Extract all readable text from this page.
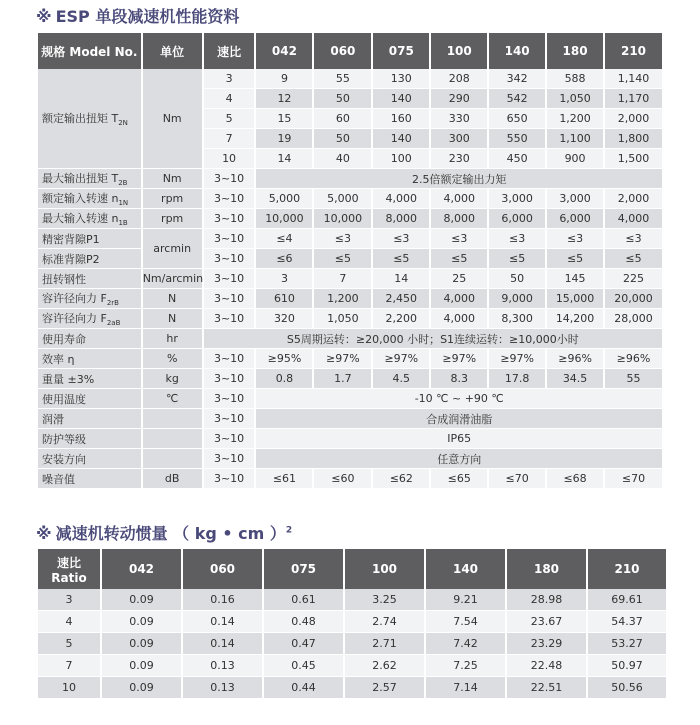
※ ESP 单段减速机性能资料
规格 Model No.	单位	速比	042	060	075	100	140	180	210
额定输出扭矩 $T_{2N}$	Nm	3	9	55	130	208	342	588	1,140
		4	12	50	140	290	542	1,050	1,170
		5	15	60	160	330	650	1,200	2,000
		7	19	50	140	300	550	1,100	1,800
		10	14	40	100	230	450	900	1,500
最大输出扭矩 $T_{2B}$	Nm	3~10	2.5倍额定输出力矩						
额定输入转速 $n_{1N}$	rpm	3~10	5,000	5,000	4,000	4,000	3,000	3,000	2,000
最大输入转速 $n_{1B}$	rpm	3~10	10,000	10,000	8,000	8,000	6,000	6,000	4,000
精密背隙P1	arcmin	3~10	≤4	≤3	≤3	≤3	≤3	≤3	≤3
标准背隙P2		3~10	≤6	≤5	≤5	≤5	≤5	≤5	≤5
扭转钢性	Nm/arcmin	3~10	3	7	14	25	50	145	225
容许径向力 $F_{2rB}$	N	3~10	610	1,200	2,450	4,000	9,000	15,000	20,000
容许径向力 $F_{2aB}$	N	3~10	320	1,050	2,200	4,000	8,300	14,200	28,000
使用寿命	hr	S5周期运转：≥20,000 小时；S1连续运转：≥10,000小时							
效率 η	%	3~10	≥95%	≥97%	≥97%	≥97%	≥97%	≥96%	≥96%
重量 ±3%	kg	3~10	0.8	1.7	4.5	8.3	17.8	34.5	55
使用温度	℃	3~10	-10 ℃ ~ +90 ℃						
润滑		3~10	合成润滑油脂						
防护等级		3~10	IP65						
安装方向		3~10	任意方向						
噪音值	dB	3~10	≤61	≤60	≤62	≤65	≤70	≤68	≤70
※ 减速机转动惯量 （ kg • cm ）$^2$
速比 Ratio	042	060	075	100	140	180	210
3	0.09	0.16	0.61	3.25	9.21	28.98	69.61
4	0.09	0.14	0.48	2.74	7.54	23.67	54.37
5	0.09	0.14	0.47	2.71	7.42	23.29	53.27
7	0.09	0.13	0.45	2.62	7.25	22.48	50.97
10	0.09	0.13	0.44	2.57	7.14	22.51	50.56
